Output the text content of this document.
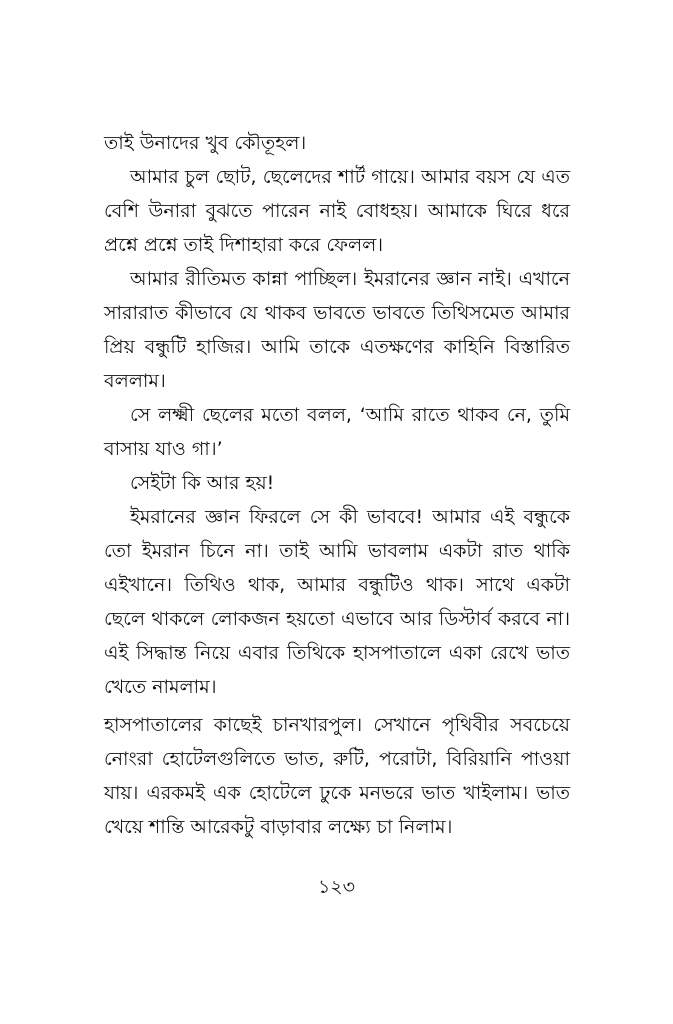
তাই উনাদের খুব কৌতূহল।

আমার চুল ছোট, ছেলেদের শার্ট গায়ে। আমার বয়স যে এত বেশি উনারা বুঝতে পারেন নাই বোধহয়। আমাকে ঘিরে ধরে প্রশ্নে প্রশ্নে তাই দিশাহারা করে ফেলল।

আমার রীতিমত কান্না পাচ্ছিল। ইমরানের জ্ঞান নাই। এখানে সারারাত কীভাবে যে থাকব ভাবতে ভাবতে তিথিসমেত আমার প্রিয় বন্ধুটি হাজির। আমি তাকে এতক্ষণের কাহিনি বিস্তারিত বললাম।

সে লক্ষ্মী ছেলের মতো বলল, ‘আমি রাতে থাকব নে, তুমি বাসায় যাও গা।’

সেইটা কি আর হয়!

ইমরানের জ্ঞান ফিরলে সে কী ভাববে! আমার এই বন্ধুকে তো ইমরান চিনে না। তাই আমি ভাবলাম একটা রাত থাকি এইখানে। তিথিও থাক, আমার বন্ধুটিও থাক। সাথে একটা ছেলে থাকলে লোকজন হয়তো এভাবে আর ডিস্টার্ব করবে না। এই সিদ্ধান্ত নিয়ে এবার তিথিকে হাসপাতালে একা রেখে ভাত খেতে নামলাম।

হাসপাতালের কাছেই চানখারপুল। সেখানে পৃথিবীর সবচেয়ে নোংরা হোটেলগুলিতে ভাত, রুটি, পরোটা, বিরিয়ানি পাওয়া যায়। এরকমই এক হোটেলে ঢুকে মনভরে ভাত খাইলাম। ভাত খেয়ে শান্তি আরেকটু বাড়াবার লক্ষ্যে চা নিলাম।

১২৩
